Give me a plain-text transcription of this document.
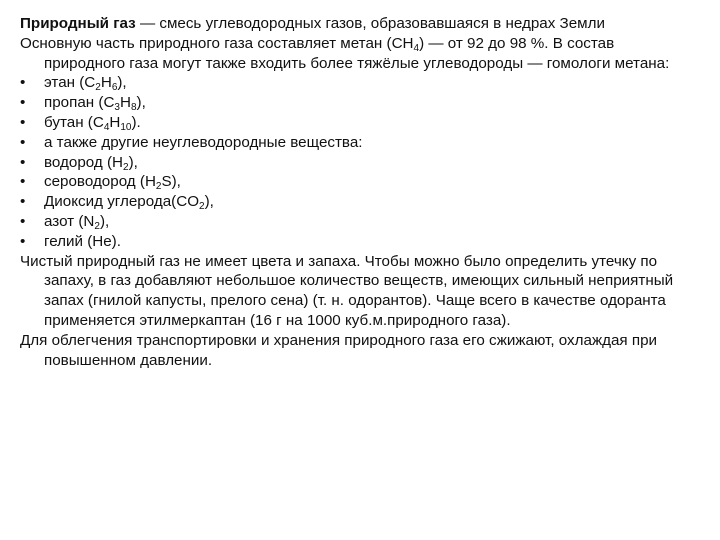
Природный газ — смесь углеводородных газов, образовавшаяся в недрах Земли

Основную часть природного газа составляет метан $(CH_4)$ — от 92 до 98 %. В состав природного газа могут также входить более тяжёлые углеводороды — гомологи метана:

• этан $(C_2H_6)$,

• пропан $(C_3H_8)$,

• бутан $(C_4H_{10})$.

• а также другие неуглеводородные вещества:

• водород $(H_2)$,

• сероводород $(H_2S)$,

• Диоксид $углерода(CO_2)$,

• азот $(N_2)$,

• гелий (He).

Чистый природный газ не имеет цвета и запаха. Чтобы можно было определить утечку по запаху, в газ добавляют небольшое количество веществ, имеющих сильный неприятный запах (гнилой капусты, прелого сена) (т. н. одорантов). Чаще всего в качестве одоранта применяется этилмеркаптан (16 г на 1000 куб.м.природного газа).

Для облегчения транспортировки и хранения природного газа его сжижают, охлаждая при повышенном давлении.
